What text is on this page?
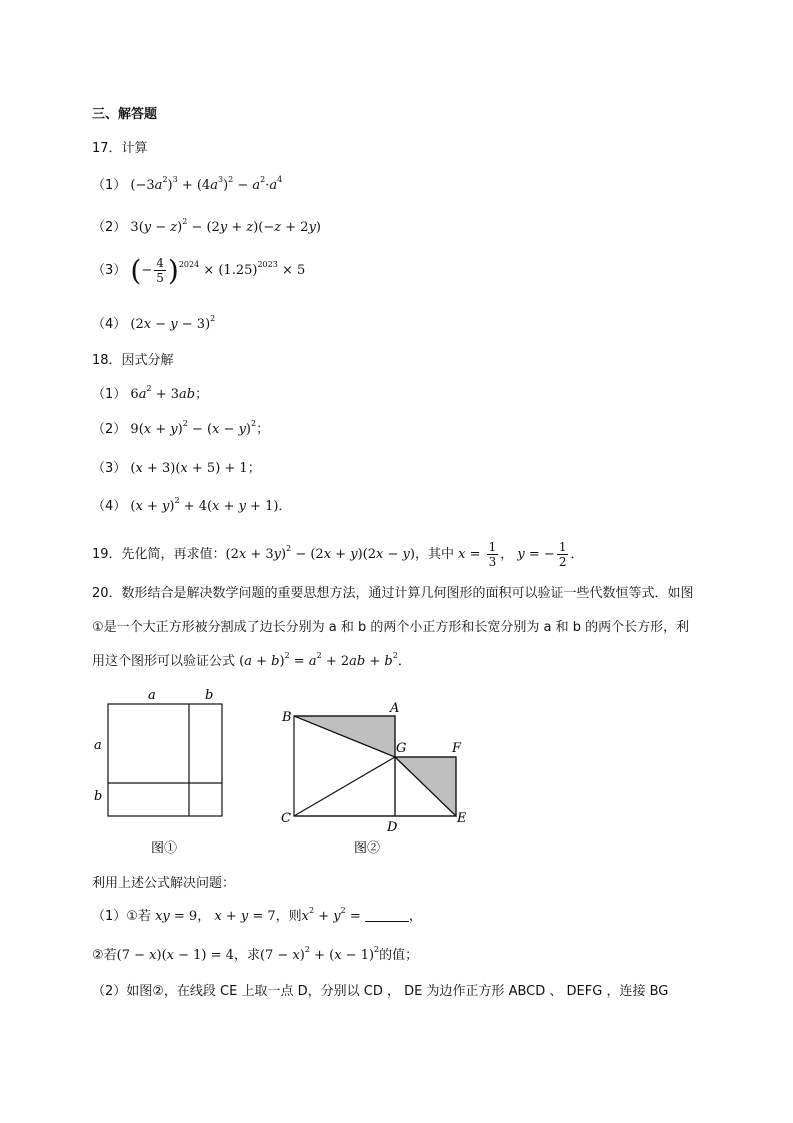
三、解答题
17．计算
（1） $(-3a^2)^3 + (4a^3)^2 - a^2\cdot a^4$
（2） $3(y - z)^2 - (2y + z)(-z + 2y)$
（3） (− $\frac{4}{5} )^{2024} \times (1.25)^{2023} \times 5$
（4） $(2x - y - 3)^2$
18．因式分解
（1） $6a^2 + 3ab$；
（2） $9(x + y)^2 - (x - y)^2$；
（3） (x + 3)(x + 5) + 1；
（4） $(x + y)^2 + 4(x + y + 1)$．
19．先化简，再求值：$(2x + 3y)^2 - (2x + y)(2x - y)$，其中 $x = \frac{1}{3}$ ， y = − $\frac{1}{2}$ ．
20．数形结合是解决数学问题的重要思想方法，通过计算几何图形的面积可以验证一些代数恒等式．如图①是一个大正方形被分割成了边长分别为 a 和 b 的两个小正方形和长宽分别为 a 和 b 的两个长方形，利用这个图形可以验证公式 $(a + b)^2 = a^2 + 2ab + b^2$．
a	b
a
b
图①
A
B
C
D
E
F
G
图②
利用上述公式解决问题：
（1）①若 xy = 9， x + y = 7，则$x^2 + y^2$ =	，
②若(7 − x)(x − 1) = 4，求$(7 - x)^2 + (x - 1)^2$的值；
（2）如图②，在线段 CE 上取一点 D，分别以 CD ， DE 为边作正方形 ABCD 、 DEFG ，连接 BG
